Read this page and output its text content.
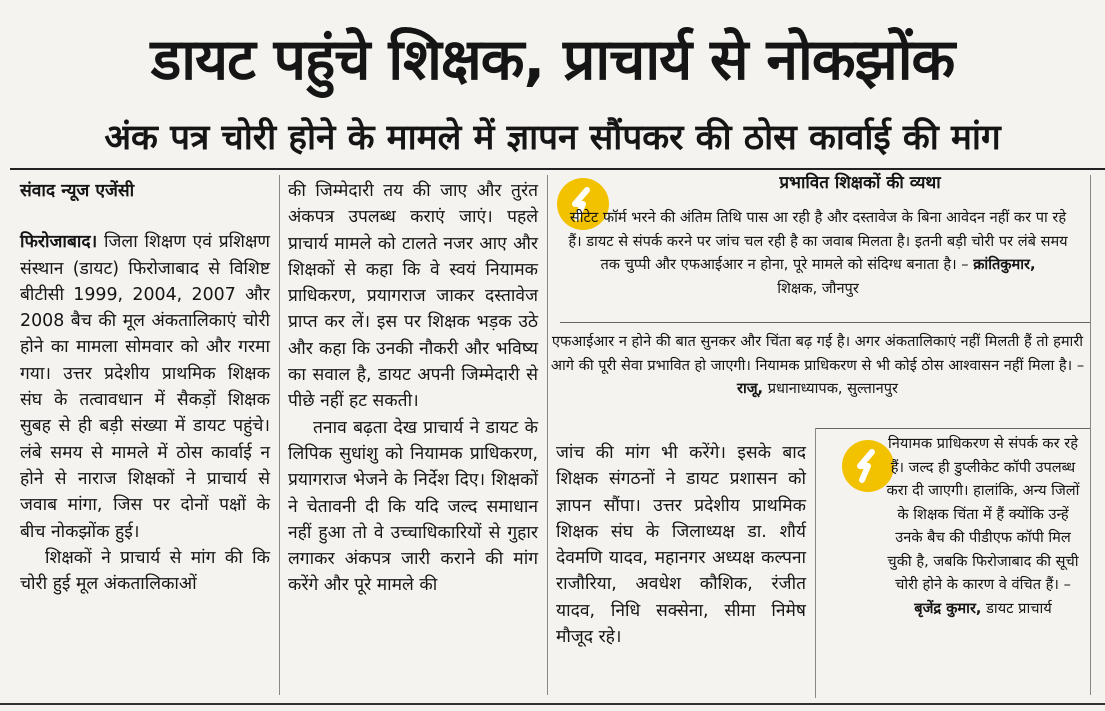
डायट पहुंचे शिक्षक, प्राचार्य से नोकझोंक
अंक पत्र चोरी होने के मामले में ज्ञापन सौंपकर की ठोस कार्वाई की मांग

संवाद न्यूज एजेंसी

फिरोजाबाद। जिला शिक्षण एवं प्रशिक्षण संस्थान (डायट) फिरोजाबाद से विशिष्ट बीटीसी 1999, 2004, 2007 और 2008 बैच की मूल अंकतालिकाएं चोरी होने का मामला सोमवार को और गरमा गया। उत्तर प्रदेशीय प्राथमिक शिक्षक संघ के तत्वावधान में सैकड़ों शिक्षक सुबह से ही बड़ी संख्या में डायट पहुंचे। लंबे समय से मामले में ठोस कार्वाई न होने से नाराज शिक्षकों ने प्राचार्य से जवाब मांगा, जिस पर दोनों पक्षों के बीच नोकझोंक हुई।

शिक्षकों ने प्राचार्य से मांग की कि चोरी हुई मूल अंकतालिकाओं

की जिम्मेदारी तय की जाए और तुरंत अंकपत्र उपलब्ध कराएं जाएं। पहले प्राचार्य मामले को टालते नजर आए और शिक्षकों से कहा कि वे स्वयं नियामक प्राधिकरण, प्रयागराज जाकर दस्तावेज प्राप्त कर लें। इस पर शिक्षक भड़क उठे और कहा कि उनकी नौकरी और भविष्य का सवाल है, डायट अपनी जिम्मेदारी से पीछे नहीं हट सकती।

तनाव बढ़ता देख प्राचार्य ने डायट के लिपिक सुधांशु को नियामक प्राधिकरण, प्रयागराज भेजने के निर्देश दिए। शिक्षकों ने चेतावनी दी कि यदि जल्द समाधान नहीं हुआ तो वे उच्चाधिकारियों से गुहार लगाकर अंकपत्र जारी कराने की मांग करेंगे और पूरे मामले की

जांच की मांग भी करेंगे। इसके बाद शिक्षक संगठनों ने डायट प्रशासन को ज्ञापन सौंपा। उत्तर प्रदेशीय प्राथमिक शिक्षक संघ के जिलाध्यक्ष डा. शौर्य देवमणि यादव, महानगर अध्यक्ष कल्पना राजौरिया, अवधेश कौशिक, रंजीत यादव, निधि सक्सेना, सीमा निमेष मौजूद रहे।

प्रभावित शिक्षकों की व्यथा

सीटेट फॉर्म भरने की अंतिम तिथि पास आ रही है और दस्तावेज के बिना आवेदन नहीं कर पा रहे हैं। डायट से संपर्क करने पर जांच चल रही है का जवाब मिलता है। इतनी बड़ी चोरी पर लंबे समय तक चुप्पी और एफआईआर न होना, पूरे मामले को संदिग्ध बनाता है। – क्रांतिकुमार,

शिक्षक, जौनपुर

एफआईआर न होने की बात सुनकर और चिंता बढ़ गई है। अगर अंकतालिकाएं नहीं मिलती हैं तो हमारी आगे की पूरी सेवा प्रभावित हो जाएगी। नियामक प्राधिकरण से भी कोई ठोस आश्वासन नहीं मिला है। – राजू, प्रधानाध्यापक, सुल्तानपुर

नियामक प्राधिकरण से संपर्क कर रहे हैं। जल्द ही डुप्लीकेट कॉपी उपलब्ध करा दी जाएगी। हालांकि, अन्य जिलों के शिक्षक चिंता में हैं क्योंकि उन्हें उनके बैच की पीडीएफ कॉपी मिल चुकी है, जबकि फिरोजाबाद की सूची चोरी होने के कारण वे वंचित हैं। – बृजेंद्र कुमार, डायट प्राचार्य
